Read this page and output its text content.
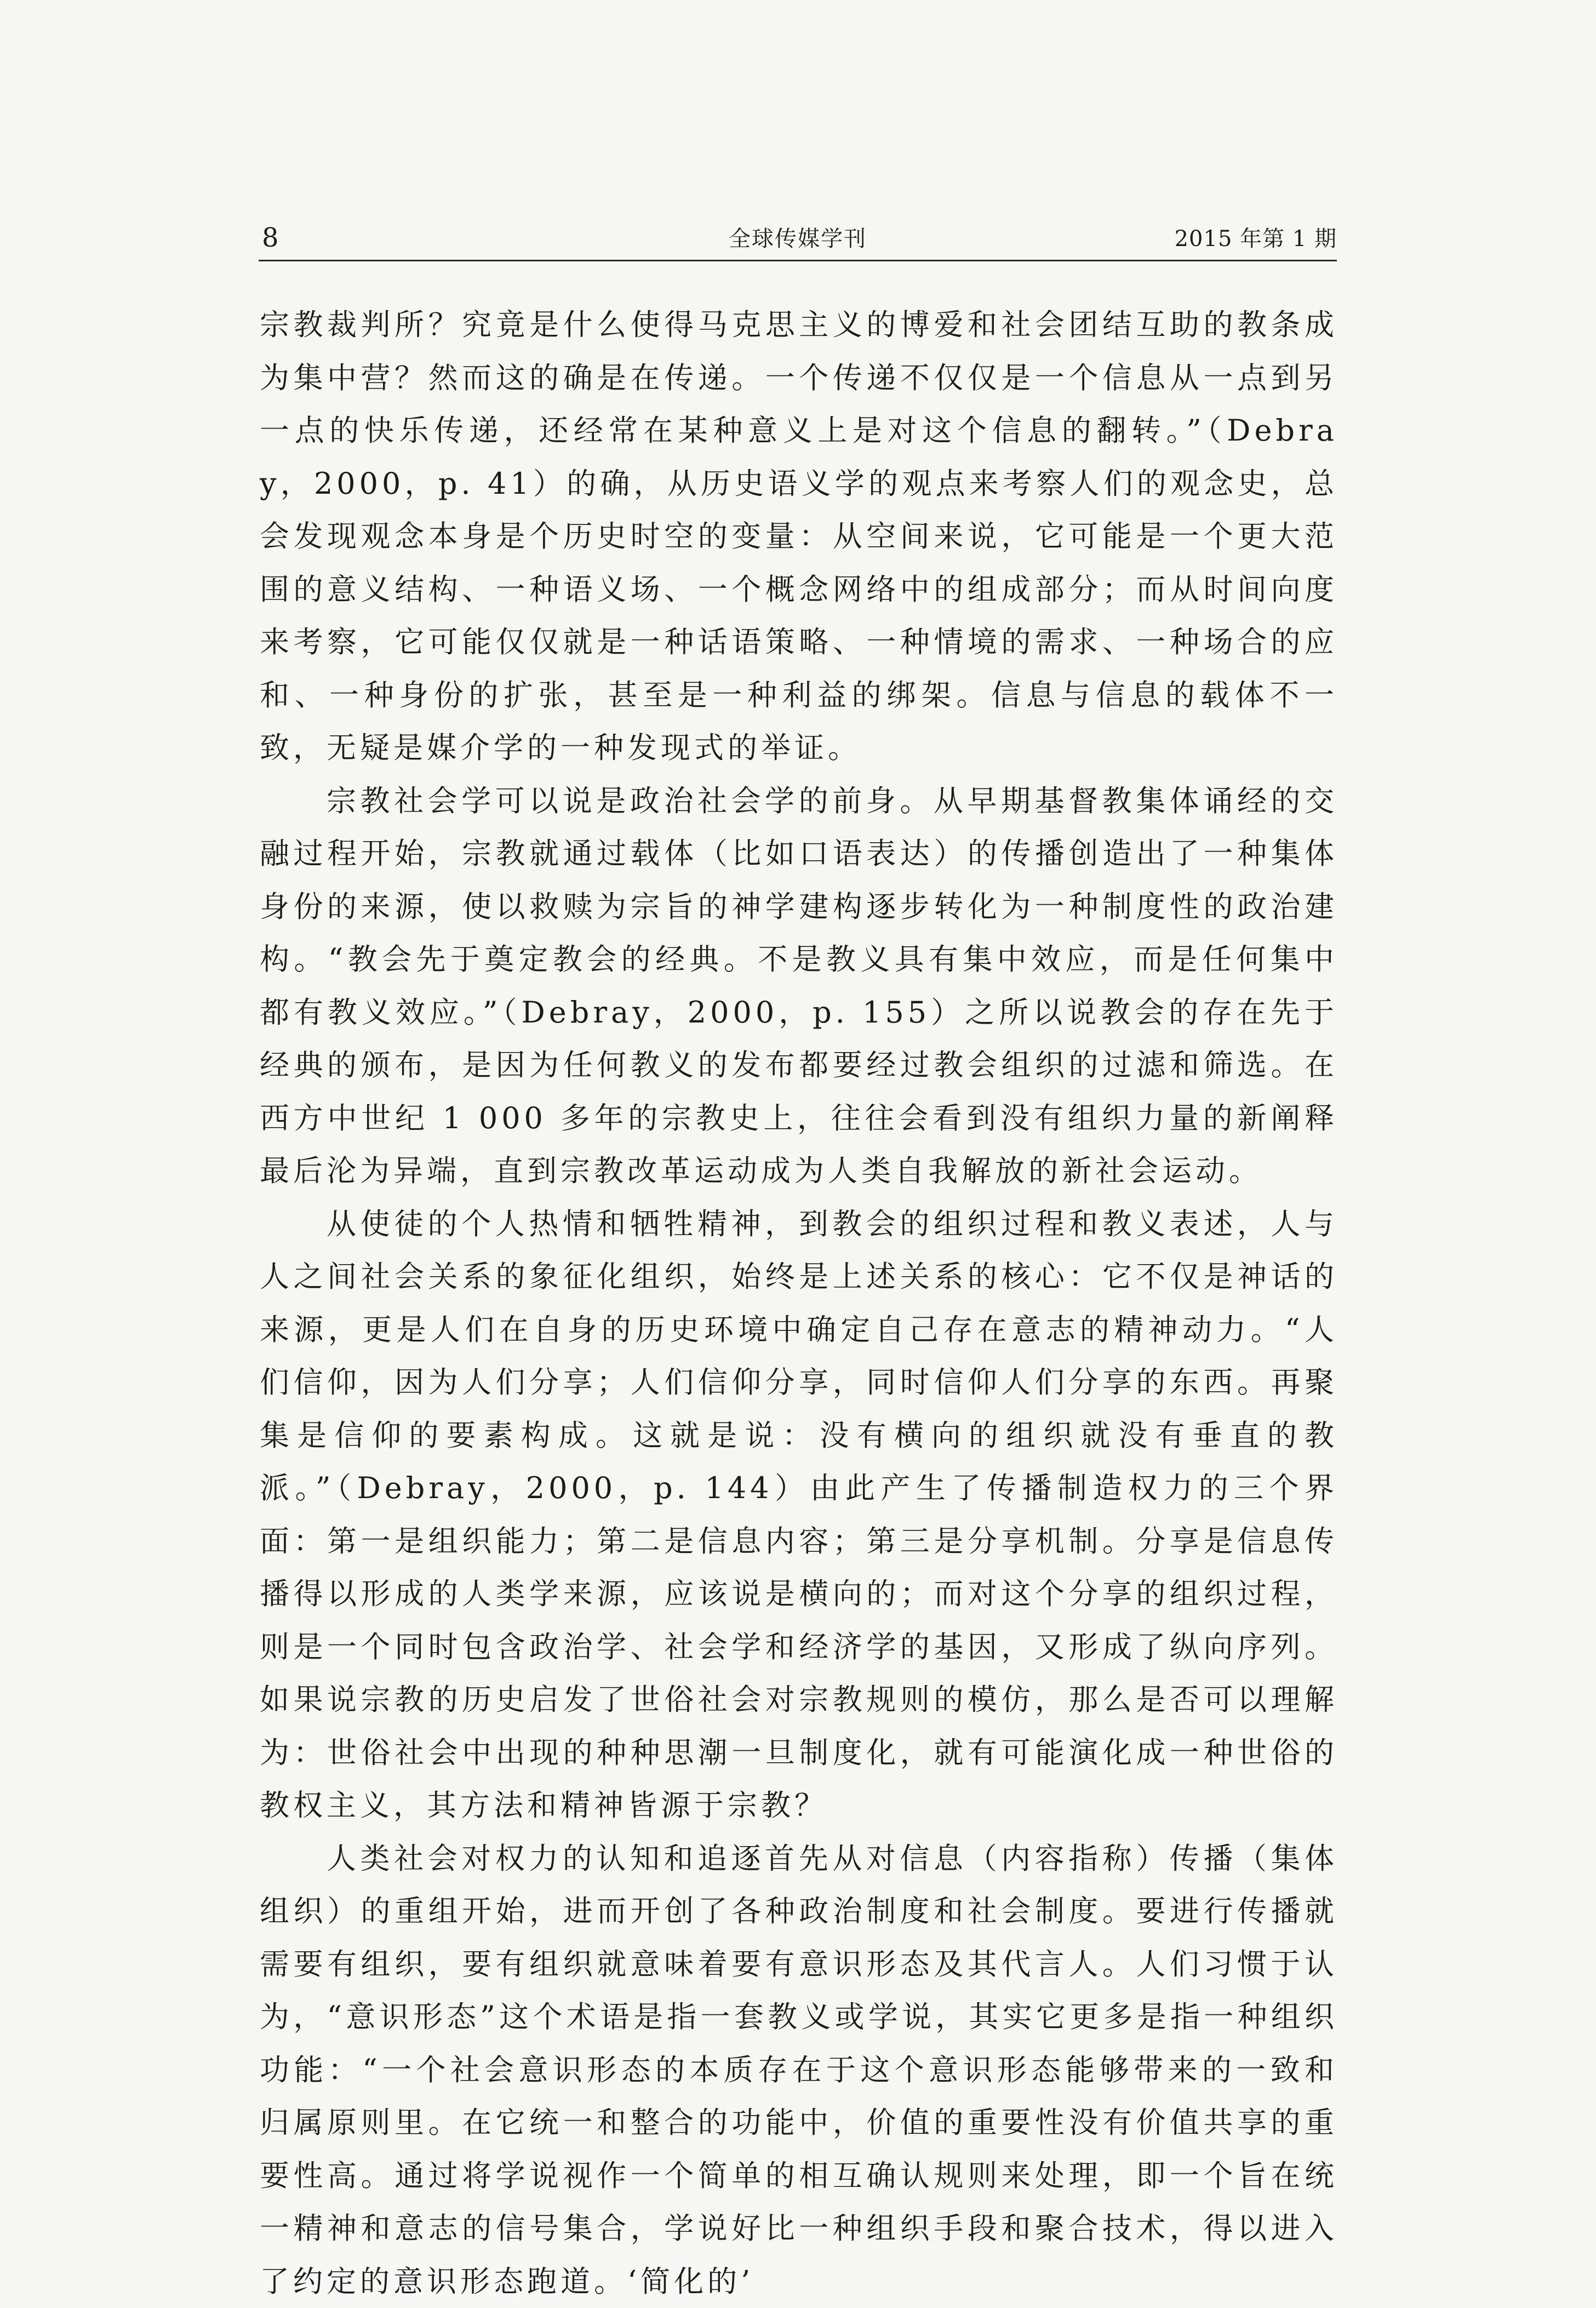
8	全球传媒学刊	2015 年第 1 期

宗教裁判所？究竟是什么使得马克思主义的博爱和社会团结互助的教条成为集中营？然而这的确是在传递。一个传递不仅仅是一个信息从一点到另一点的快乐传递，还经常在某种意义上是对这个信息的翻转。”（Debray，2000，p. 41）的确，从历史语义学的观点来考察人们的观念史，总会发现观念本身是个历史时空的变量：从空间来说，它可能是一个更大范围的意义结构、一种语义场、一个概念网络中的组成部分；而从时间向度来考察，它可能仅仅就是一种话语策略、一种情境的需求、一种场合的应和、一种身份的扩张，甚至是一种利益的绑架。信息与信息的载体不一致，无疑是媒介学的一种发现式的举证。

宗教社会学可以说是政治社会学的前身。从早期基督教集体诵经的交融过程开始，宗教就通过载体（比如口语表达）的传播创造出了一种集体身份的来源，使以救赎为宗旨的神学建构逐步转化为一种制度性的政治建构。“教会先于奠定教会的经典。不是教义具有集中效应，而是任何集中都有教义效应。”（Debray，2000，p. 155）之所以说教会的存在先于经典的颁布，是因为任何教义的发布都要经过教会组织的过滤和筛选。在西方中世纪 1 000 多年的宗教史上，往往会看到没有组织力量的新阐释最后沦为异端，直到宗教改革运动成为人类自我解放的新社会运动。

从使徒的个人热情和牺牲精神，到教会的组织过程和教义表述，人与人之间社会关系的象征化组织，始终是上述关系的核心：它不仅是神话的来源，更是人们在自身的历史环境中确定自己存在意志的精神动力。“人们信仰，因为人们分享；人们信仰分享，同时信仰人们分享的东西。再聚集是信仰的要素构成。这就是说：没有横向的组织就没有垂直的教派。”（Debray，2000，p. 144）由此产生了传播制造权力的三个界面：第一是组织能力；第二是信息内容；第三是分享机制。分享是信息传播得以形成的人类学来源，应该说是横向的；而对这个分享的组织过程，则是一个同时包含政治学、社会学和经济学的基因，又形成了纵向序列。如果说宗教的历史启发了世俗社会对宗教规则的模仿，那么是否可以理解为：世俗社会中出现的种种思潮一旦制度化，就有可能演化成一种世俗的教权主义，其方法和精神皆源于宗教？

人类社会对权力的认知和追逐首先从对信息（内容指称）传播（集体组织）的重组开始，进而开创了各种政治制度和社会制度。要进行传播就需要有组织，要有组织就意味着要有意识形态及其代言人。人们习惯于认为，“意识形态”这个术语是指一套教义或学说，其实它更多是指一种组织功能：“一个社会意识形态的本质存在于这个意识形态能够带来的一致和归属原则里。在它统一和整合的功能中，价值的重要性没有价值共享的重要性高。通过将学说视作一个简单的相互确认规则来处理，即一个旨在统一精神和意志的信号集合，学说好比一种组织手段和聚合技术，得以进入了约定的意识形态跑道。‘简化的’
